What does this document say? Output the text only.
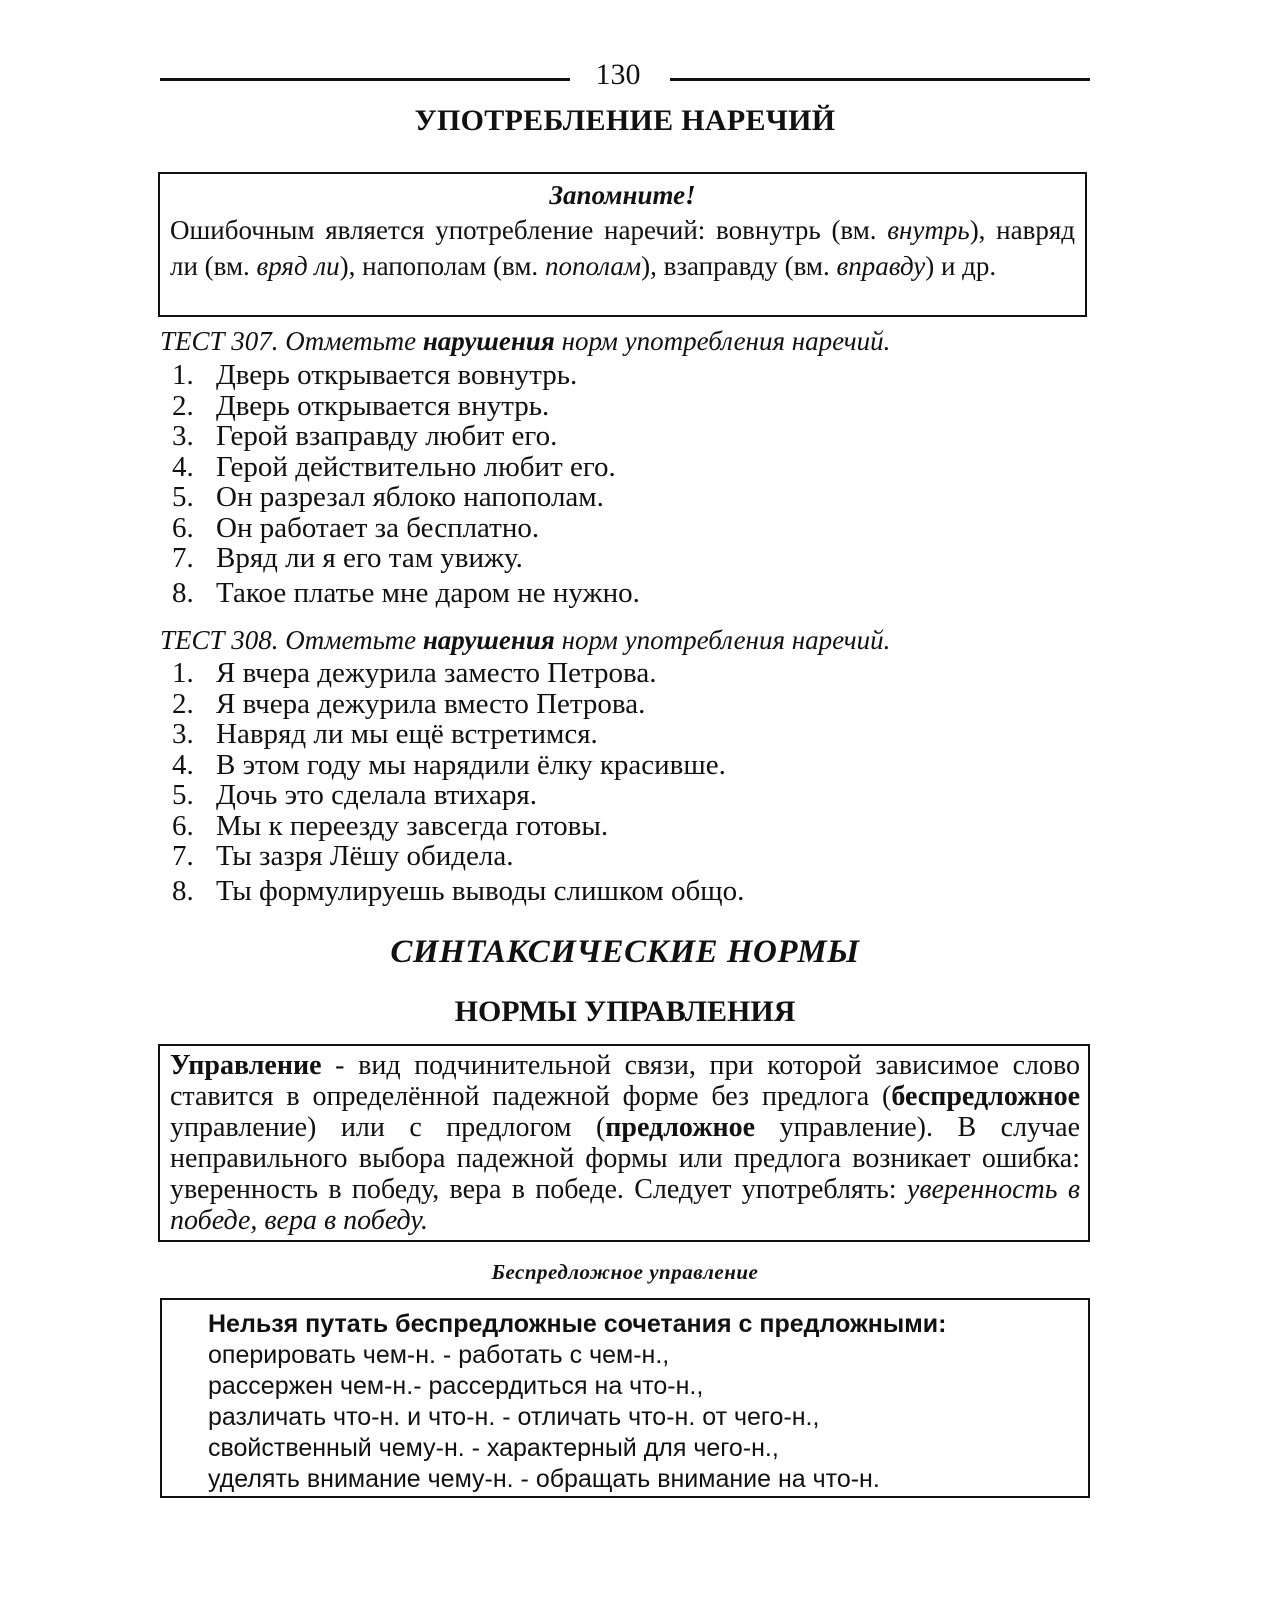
130
УПОТРЕБЛЕНИЕ НАРЕЧИЙ
Запомните!
Ошибочным является употребление наречий: вовнутрь (вм. внутрь), навряд ли (вм. вряд ли), напополам (вм. пополам), взаправду (вм. вправду) и др.
ТЕСТ 307. Отметьте нарушения норм употребления наречий.
1. Дверь открывается вовнутрь.
2. Дверь открывается внутрь.
3. Герой взаправду любит его.
4. Герой действительно любит его.
5. Он разрезал яблоко напополам.
6. Он работает за бесплатно.
7. Вряд ли я его там увижу.
8. Такое платье мне даром не нужно.
ТЕСТ 308. Отметьте нарушения норм употребления наречий.
1. Я вчера дежурила заместо Петрова.
2. Я вчера дежурила вместо Петрова.
3. Навряд ли мы ещё встретимся.
4. В этом году мы нарядили ёлку красивше.
5. Дочь это сделала втихаря.
6. Мы к переезду завсегда готовы.
7. Ты зазря Лёшу обидела.
8. Ты формулируешь выводы слишком общо.
СИНТАКСИЧЕСКИЕ НОРМЫ
НОРМЫ УПРАВЛЕНИЯ
Управление - вид подчинительной связи, при которой зависимое слово ставится в определённой падежной форме без предлога (беспредложное управление) или с предлогом (предложное управление). В случае неправильного выбора падежной формы или предлога возникает ошибка: уверенность в победу, вера в победе. Следует употреблять: уверенность в победе, вера в победу.
Беспредложное управление
Нельзя путать беспредложные сочетания с предложными:
оперировать чем-н. - работать с чем-н.,
рассержен чем-н.- рассердиться на что-н.,
различать что-н. и что-н. - отличать что-н. от чего-н.,
свойственный чему-н. - характерный для чего-н.,
уделять внимание чему-н. - обращать внимание на что-н.
